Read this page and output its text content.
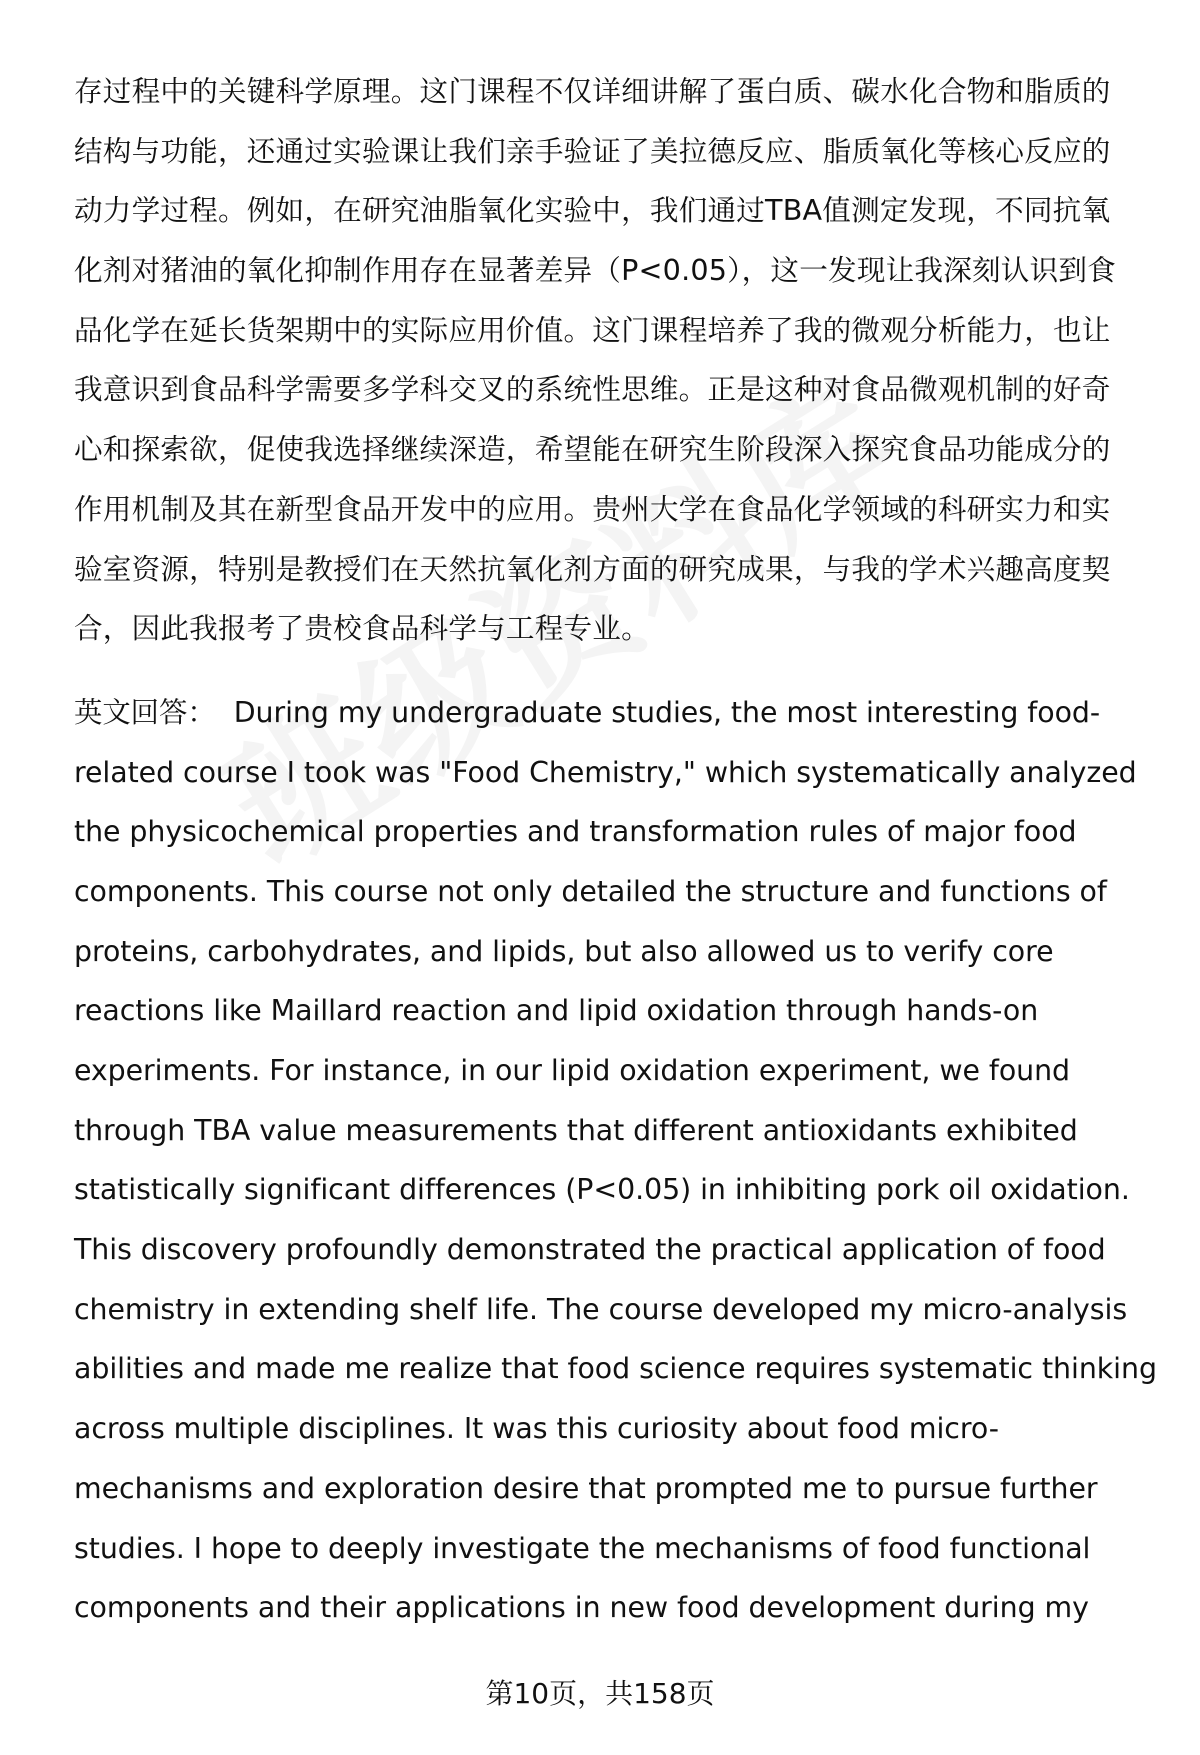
存过程中的关键科学原理。这门课程不仅详细讲解了蛋白质、碳水化合物和脂质的
结构与功能，还通过实验课让我们亲手验证了美拉德反应、脂质氧化等核心反应的
动力学过程。例如，在研究油脂氧化实验中，我们通过TBA值测定发现，不同抗氧
化剂对猪油的氧化抑制作用存在显著差异（P<0.05），这一发现让我深刻认识到食
品化学在延长货架期中的实际应用价值。这门课程培养了我的微观分析能力，也让
我意识到食品科学需要多学科交叉的系统性思维。正是这种对食品微观机制的好奇
心和探索欲，促使我选择继续深造，希望能在研究生阶段深入探究食品功能成分的
作用机制及其在新型食品开发中的应用。贵州大学在食品化学领域的科研实力和实
验室资源，特别是教授们在天然抗氧化剂方面的研究成果，与我的学术兴趣高度契
合，因此我报考了贵校食品科学与工程专业。
英文回答： During my undergraduate studies, the most interesting food-
related course I took was "Food Chemistry," which systematically analyzed
the physicochemical properties and transformation rules of major food
components. This course not only detailed the structure and functions of
proteins, carbohydrates, and lipids, but also allowed us to verify core
reactions like Maillard reaction and lipid oxidation through hands-on
experiments. For instance, in our lipid oxidation experiment, we found
through TBA value measurements that different antioxidants exhibited
statistically significant differences (P<0.05) in inhibiting pork oil oxidation.
This discovery profoundly demonstrated the practical application of food
chemistry in extending shelf life. The course developed my micro-analysis
abilities and made me realize that food science requires systematic thinking
across multiple disciplines. It was this curiosity about food micro-
mechanisms and exploration desire that prompted me to pursue further
studies. I hope to deeply investigate the mechanisms of food functional
components and their applications in new food development during my
第10页，共158页
